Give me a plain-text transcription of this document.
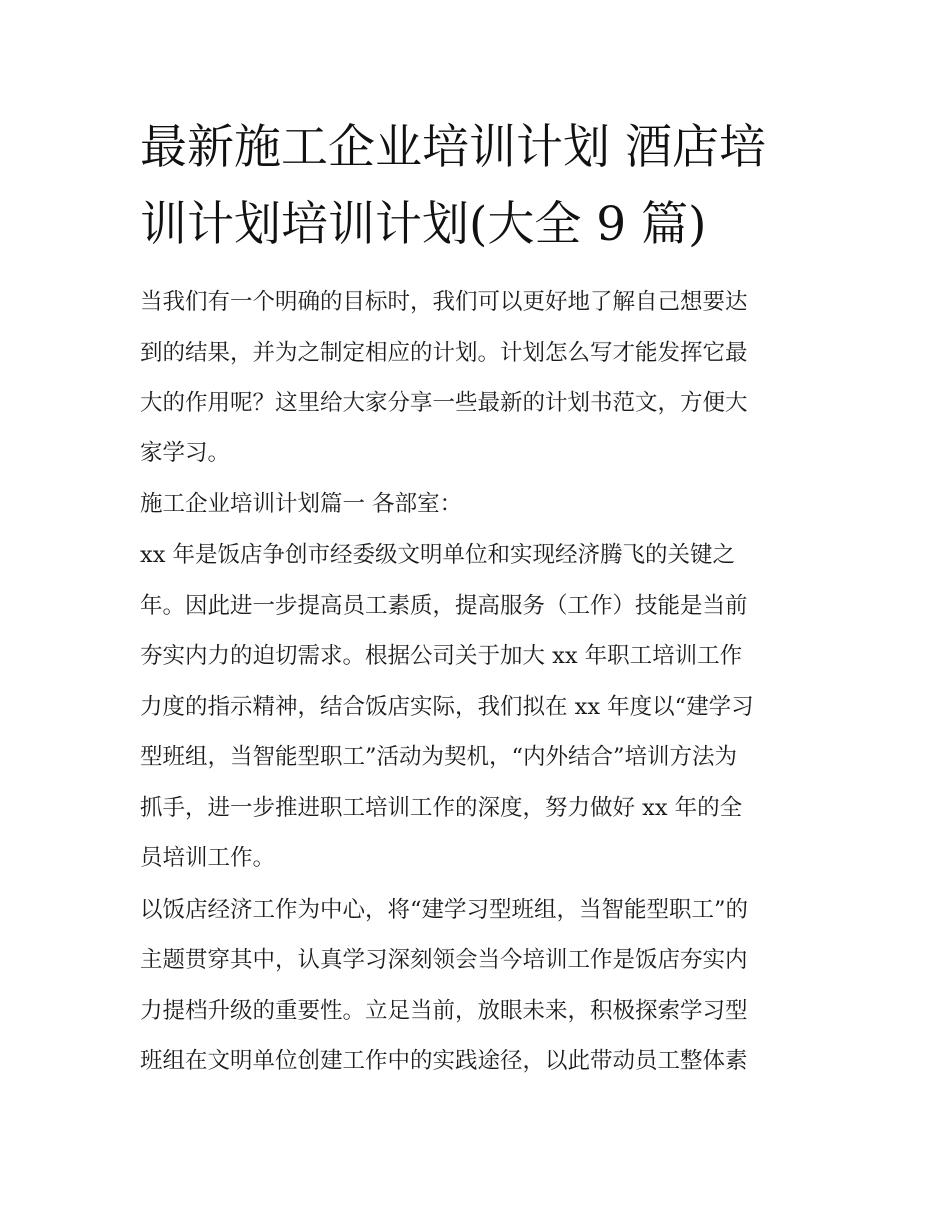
最新施工企业培训计划 酒店培
训计划培训计划(大全 9 篇)

当我们有一个明确的目标时，我们可以更好地了解自己想要达

到的结果，并为之制定相应的计划。计划怎么写才能发挥它最

大的作用呢？这里给大家分享一些最新的计划书范文，方便大

家学习。

施工企业培训计划篇一 各部室：

xx 年是饭店争创市经委级文明单位和实现经济腾飞的关键之

年。因此进一步提高员工素质，提高服务（工作）技能是当前

夯实内力的迫切需求。根据公司关于加大 xx 年职工培训工作

力度的指示精神，结合饭店实际，我们拟在 xx 年度以“建学习

型班组，当智能型职工”活动为契机，“内外结合”培训方法为

抓手，进一步推进职工培训工作的深度，努力做好 xx 年的全

员培训工作。

以饭店经济工作为中心，将“建学习型班组，当智能型职工”的

主题贯穿其中，认真学习深刻领会当今培训工作是饭店夯实内

力提档升级的重要性。立足当前，放眼未来，积极探索学习型

班组在文明单位创建工作中的实践途径，以此带动员工整体素
